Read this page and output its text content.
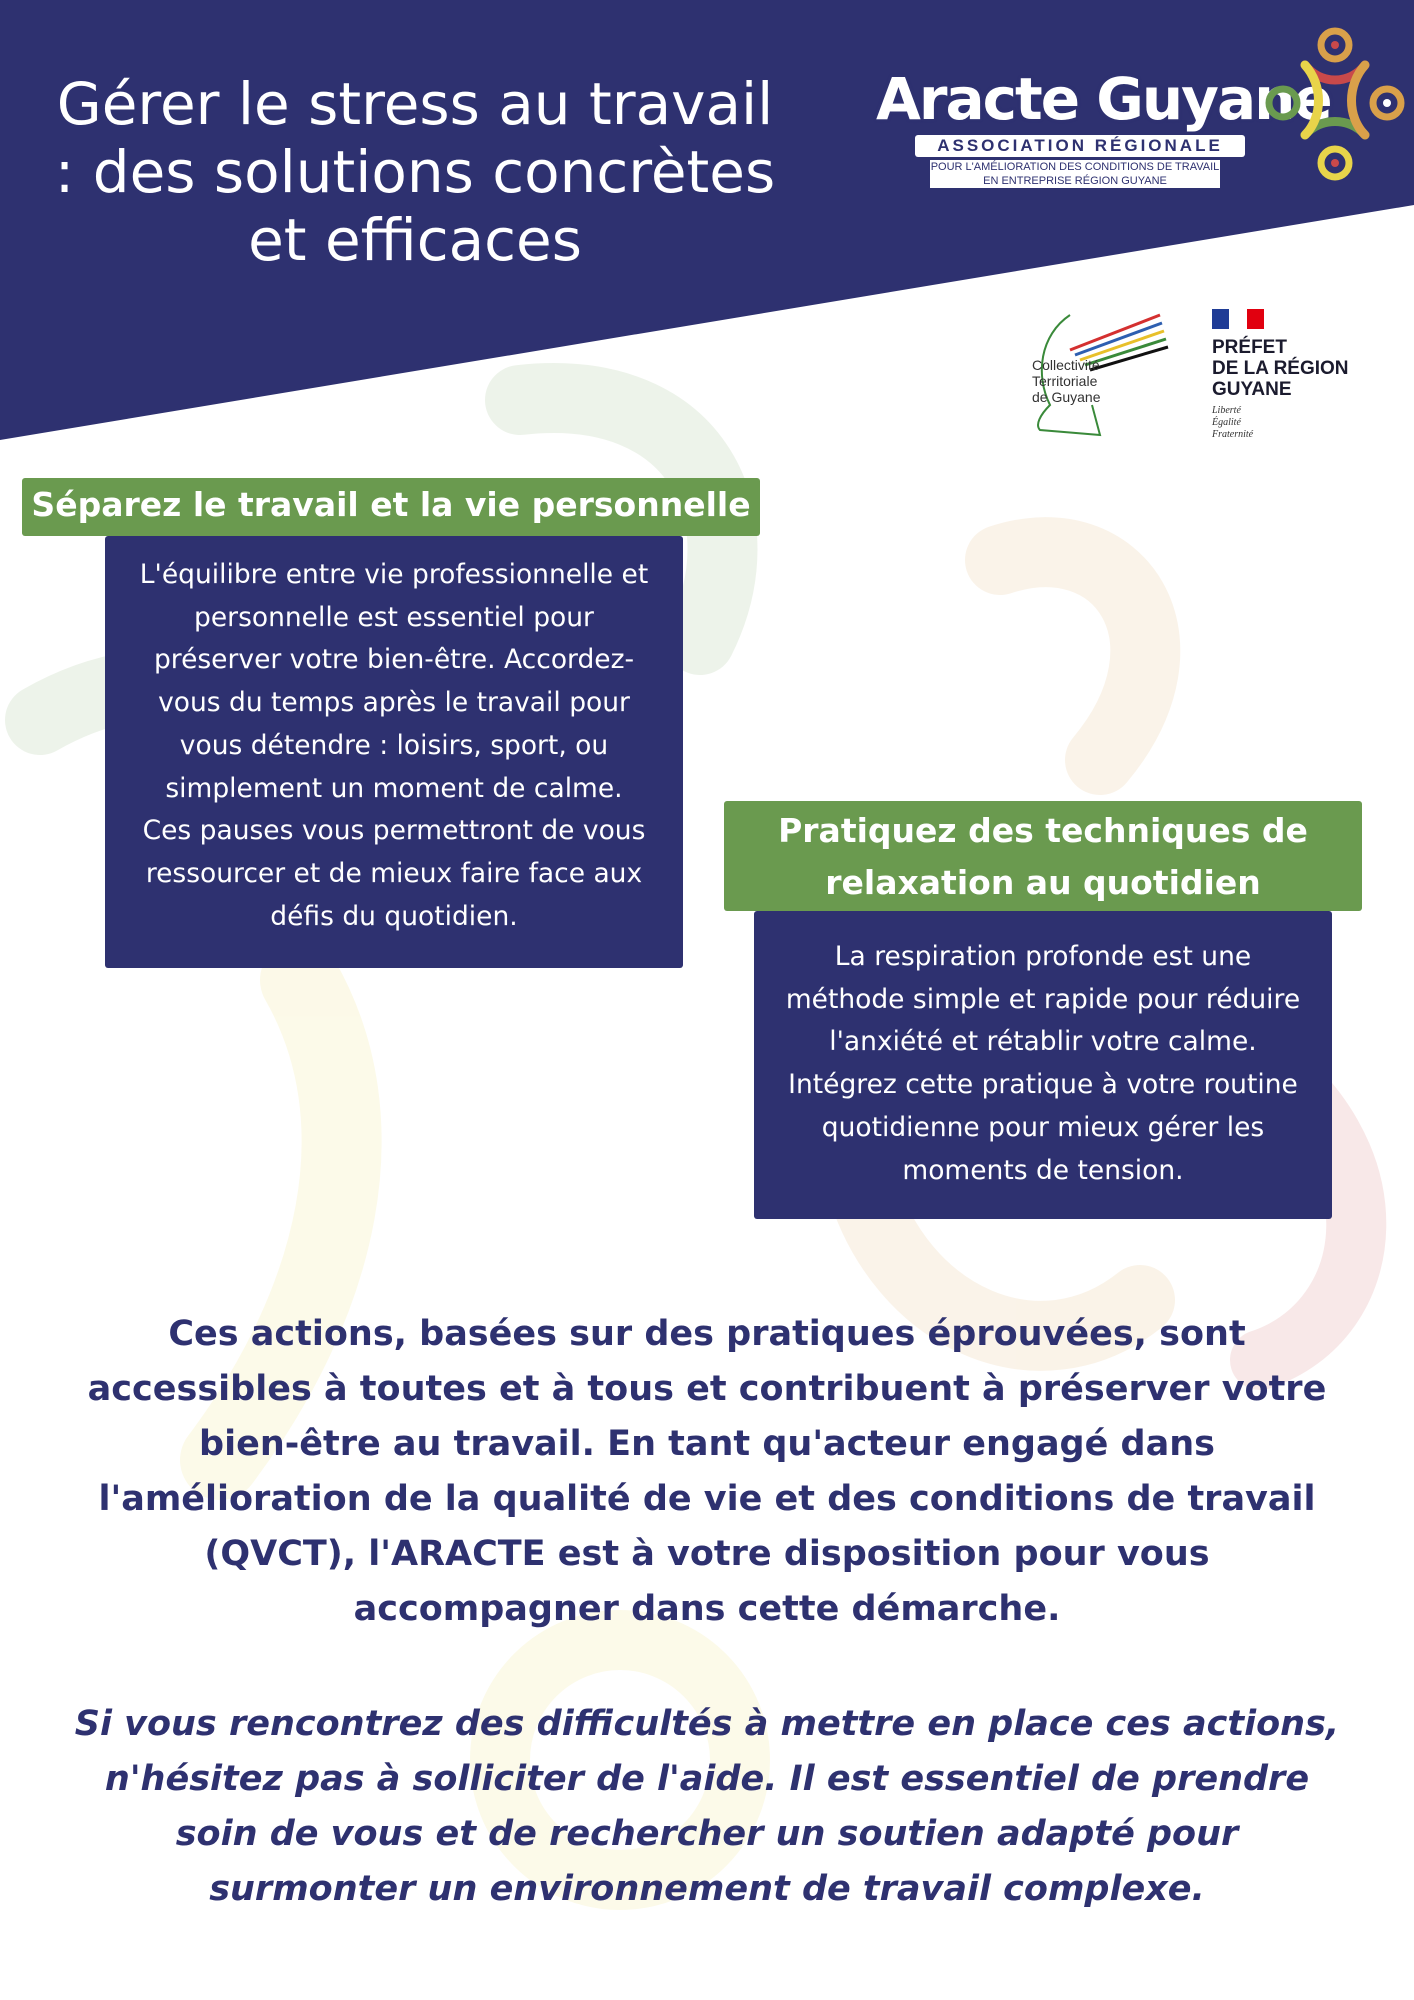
Gérer le stress au travail : des solutions concrètes et efficaces
Aracte Guyane
ASSOCIATION RÉGIONALE
POUR L'AMÉLIORATION DES CONDITIONS DE TRAVAIL EN ENTREPRISE RÉGION GUYANE
Collectivité
Territoriale
de Guyane
PRÉFET
DE LA RÉGION
GUYANE
Liberté
Égalité
Fraternité
Séparez le travail et la vie personnelle
L'équilibre entre vie professionnelle et personnelle est essentiel pour préserver votre bien-être. Accordez-vous du temps après le travail pour vous détendre : loisirs, sport, ou simplement un moment de calme. Ces pauses vous permettront de vous ressourcer et de mieux faire face aux défis du quotidien.
Pratiquez des techniques de relaxation au quotidien
La respiration profonde est une méthode simple et rapide pour réduire l'anxiété et rétablir votre calme. Intégrez cette pratique à votre routine quotidienne pour mieux gérer les moments de tension.

Ces actions, basées sur des pratiques éprouvées, sont accessibles à toutes et à tous et contribuent à préserver votre bien-être au travail. En tant qu'acteur engagé dans l'amélioration de la qualité de vie et des conditions de travail (QVCT), l'ARACTE est à votre disposition pour vous accompagner dans cette démarche.

Si vous rencontrez des difficultés à mettre en place ces actions, n'hésitez pas à solliciter de l'aide. Il est essentiel de prendre soin de vous et de rechercher un soutien adapté pour surmonter un environnement de travail complexe.
